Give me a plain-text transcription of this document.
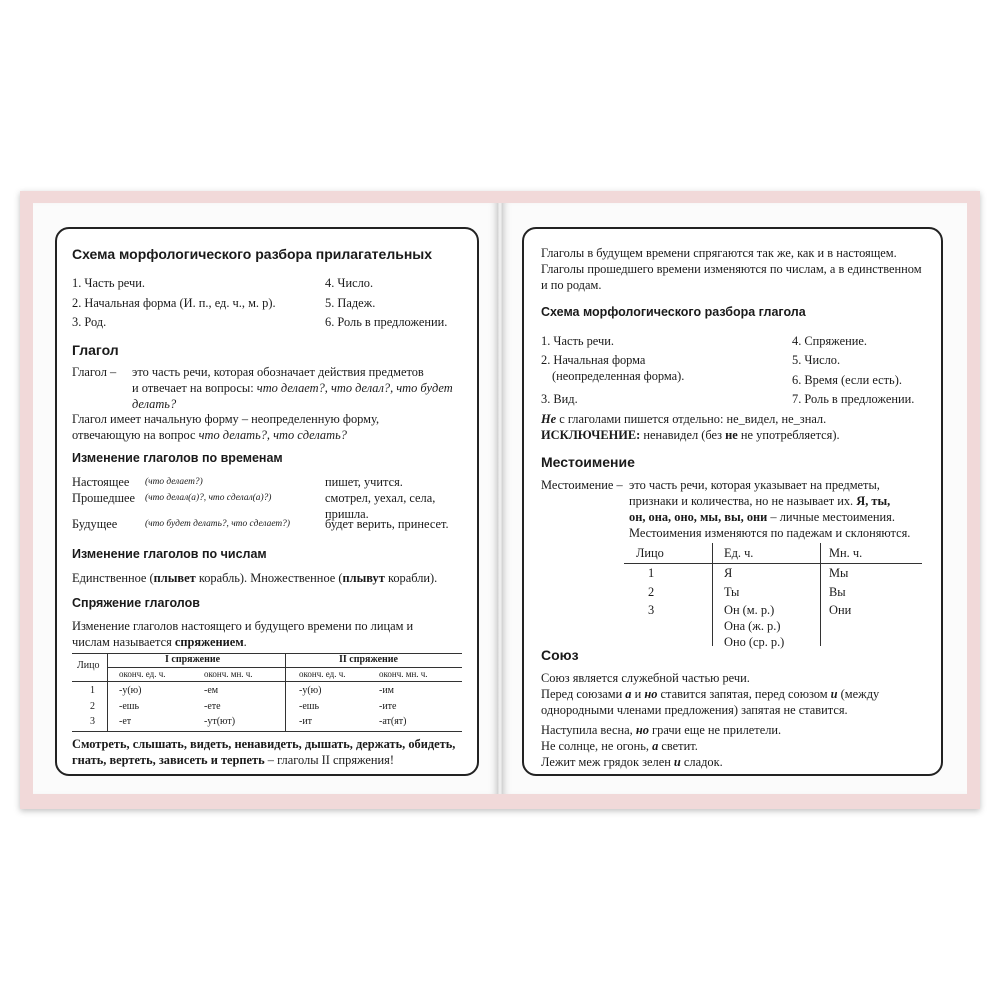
Схема морфологического разбора прилагательных
1. Часть речи.
2. Начальная форма (И. п., ед. ч., м. р).
3. Род.
4. Число.
5. Падеж.
6. Роль в предложении.
Глагол
Глагол – это часть речи, которая обозначает действия предметов
и отвечает на вопросы: что делает?, что делал?, что будет
делать?
Глагол имеет начальную форму – неопределенную форму,
отвечающую на вопрос что делать?, что сделать?
Изменение глаголов по временам
Настоящее (что делает?)	пишет, учится.
Прошедшее (что делал(а)?, что сделал(а)?)	смотрел, уехал, села,
пришла.
Будущее	(что будет делать?, что сделает?)	будет верить, принесет.
Изменение глаголов по числам
Единственное (плывет корабль). Множественное (плывут корабли).
Спряжение глаголов
Изменение глаголов настоящего и будущего времени по лицам и
числам называется спряжением.
Лицо
I спряжение	II спряжение
оконч. ед. ч.	оконч. мн. ч.	оконч. ед. ч.	оконч. мн. ч.
1 -у(ю)	-ем	-у(ю)	-им
2 -ешь	-ете	-ешь	-ите
3 -ет	-ут(ют)	-ит	-ат(ят)
Смотреть, слышать, видеть, ненавидеть, дышать, держать, обидеть,
гнать, вертеть, зависеть и терпеть – глаголы II спряжения!
Глаголы в будущем времени спрягаются так же, как и в настоящем.
Глаголы прошедшего времени изменяются по числам, а в единственном
и по родам.
Схема морфологического разбора глагола
1. Часть речи.
2. Начальная форма
(неопределенная форма).
3. Вид.
4. Спряжение.
5. Число.
6. Время (если есть).
7. Роль в предложении.
Не с глаголами пишется отдельно: не_видел, не_знал.
ИСКЛЮЧЕНИЕ: ненавидел (без не не употребляется).
Местоимение
Местоимение – это часть речи, которая указывает на предметы,
признаки и количества, но не называет их. Я, ты,
он, она, оно, мы, вы, они – личные местоимения.
Местоимения изменяются по падежам и склоняются.
Лицо	Ед. ч.	Мн. ч.
1	Я	Мы
2	Ты	Вы
3	Он (м. р.)	Они
Она (ж. р.)
Оно (ср. р.)
Союз
Союз является служебной частью речи.
Перед союзами а и но ставится запятая, перед союзом и (между
однородными членами предложения) запятая не ставится.
Наступила весна, но грачи еще не прилетели.
Не солнце, не огонь, а светит.
Лежит меж грядок зелен и сладок.
